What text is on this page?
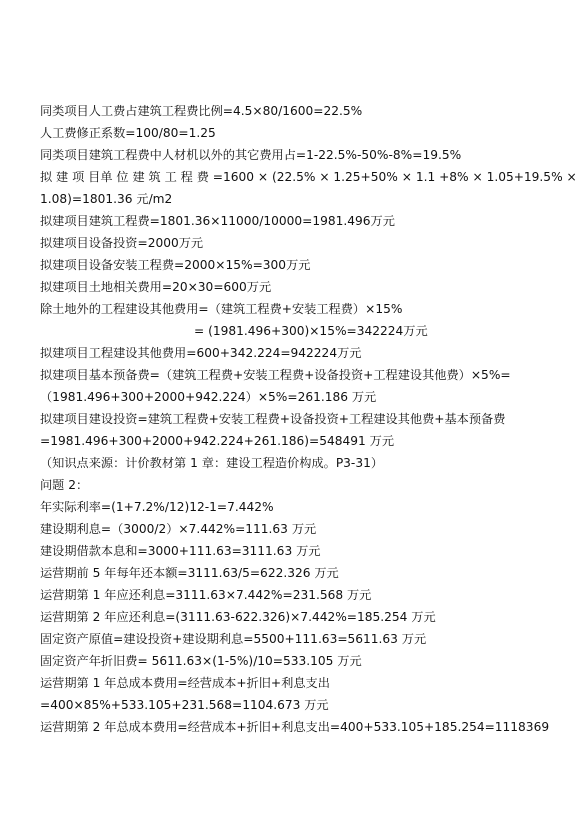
同类项目人工费占建筑工程费比例=4.5×80/1600=22.5%
人工费修正系数=100/80=1.25
同类项目建筑工程费中人材机以外的其它费用占=1-22.5%-50%-8%=19.5%
拟 建 项 目单 位 建 筑 工 程 费 =1600 × (22.5% × 1.25+50% × 1.1 +8% × 1.05+19.5% ×
1.08)=1801.36 元/m2
拟建项目建筑工程费=1801.36×11000/10000=1981.496万元
拟建项目设备投资=2000万元
拟建项目设备安装工程费=2000×15%=300万元
拟建项目土地相关费用=20×30=600万元
除土地外的工程建设其他费用=（建筑工程费+安装工程费）×15%
= (1981.496+300)×15%=342224万元
拟建项目工程建设其他费用=600+342.224=942224万元
拟建项目基本预备费=（建筑工程费+安装工程费+设备投资+工程建设其他费）×5%=
（1981.496+300+2000+942.224）×5%=261.186 万元
拟建项目建设投资=建筑工程费+安装工程费+设备投资+工程建设其他费+基本预备费
=1981.496+300+2000+942.224+261.186)=548491 万元
（知识点来源：计价教材第 1 章：建设工程造价构成。P3-31）
问题 2：
年实际利率=(1+7.2%/12)12-1=7.442%
建设期利息=（3000/2）×7.442%=111.63 万元
建设期借款本息和=3000+111.63=3111.63 万元
运营期前 5 年每年还本额=3111.63/5=622.326 万元
运营期第 1 年应还利息=3111.63×7.442%=231.568 万元
运营期第 2 年应还利息=(3111.63-622.326)×7.442%=185.254 万元
固定资产原值=建设投资+建设期利息=5500+111.63=5611.63 万元
固定资产年折旧费= 5611.63×(1-5%)/10=533.105 万元
运营期第 1 年总成本费用=经营成本+折旧+利息支出
=400×85%+533.105+231.568=1104.673 万元
运营期第 2 年总成本费用=经营成本+折旧+利息支出=400+533.105+185.254=1118369
